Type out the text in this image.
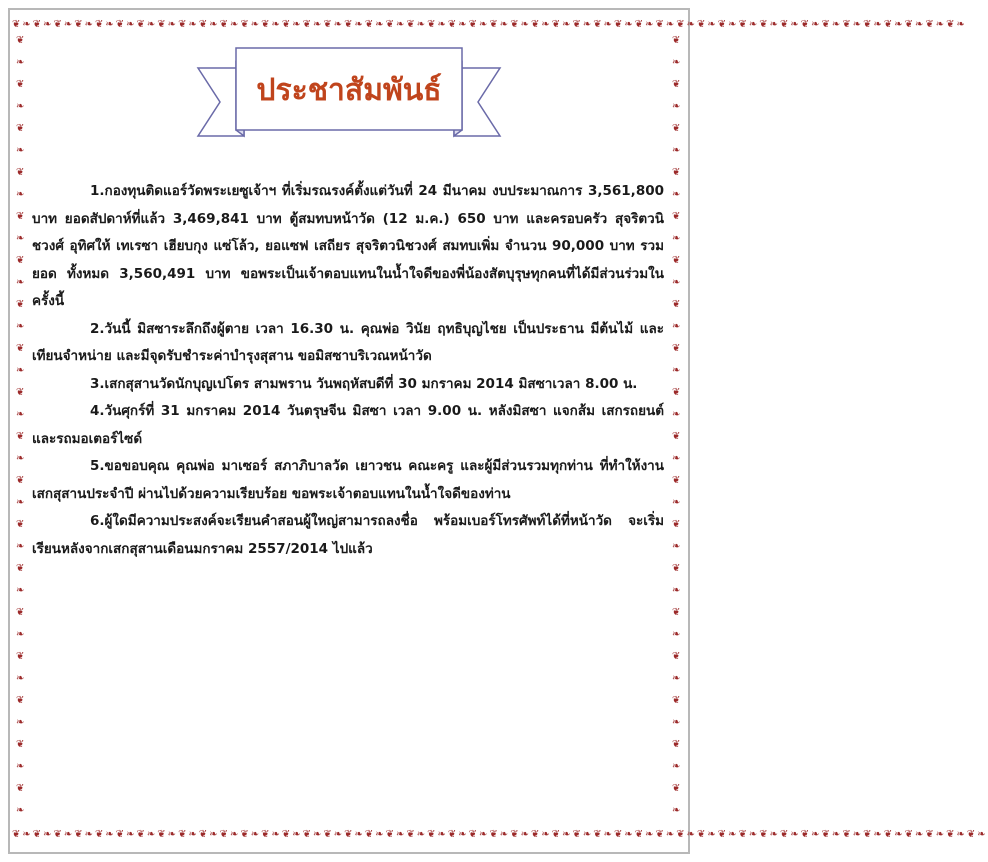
❦❧❦❧❦❧❦❧❦❧❦❧❦❧❦❧❦❧❦❧❦❧❦❧❦❧❦❧❦❧❦❧❦❧❦❧❦❧❦❧❦❧❦❧❦❧❦❧❦❧❦❧❦❧❦❧❦❧❦❧❦❧❦❧❦❧❦❧❦❧❦❧❦❧❦❧❦❧❦❧❦❧❦❧❦❧❦❧❦❧❦❧
❦❧❦❧❦❧❦❧❦❧❦❧❦❧❦❧❦❧❦❧❦❧❦❧❦❧❦❧❦❧❦❧❦❧❦❧❦❧❦❧❦❧❦❧❦❧❦❧❦❧❦❧❦❧❦❧❦❧❦❧❦❧❦❧❦❧❦❧❦❧❦❧❦❧❦❧❦❧❦❧❦❧❦❧❦❧❦❧❦❧❦❧❦❧
❦❧❦❧❦❧❦❧❦❧❦❧❦❧❦❧❦❧❦❧❦❧❦❧❦❧❦❧❦❧❦❧❦❧❦❧
❦❧❦❧❦❧❦❧❦❧❦❧❦❧❦❧❦❧❦❧❦❧❦❧❦❧❦❧❦❧❦❧❦❧❦❧
ประชาสัมพันธ์

1.กองทุนติดแอร์วัดพระเยซูเจ้าฯ ที่เริ่มรณรงค์ตั้งแต่วันที่ 24 มีนาคม งบประมาณการ 3,561,800 บาท ยอดสัปดาห์ที่แล้ว 3,469,841 บาท ตู้สมทบหน้าวัด (12 ม.ค.) 650 บาท และครอบครัว สุจริตวนิชวงศ์ อุทิศให้ เทเรซา เฮียบกุง แซ่โล้ว, ยอแซฟ เสถียร สุจริตวนิชวงศ์ สมทบเพิ่ม จำนวน 90,000 บาท รวมยอด ทั้งหมด 3,560,491 บาท ขอพระเป็นเจ้าตอบแทนในน้ำใจดีของพี่น้องสัตบุรุษทุกคนที่ได้มีส่วนร่วมในครั้งนี้

2.วันนี้ มิสซาระลึกถึงผู้ตาย เวลา 16.30 น. คุณพ่อ วินัย ฤทธิบุญไชย เป็นประธาน มีต้นไม้ และเทียนจำหน่าย และมีจุดรับชำระค่าบำรุงสุสาน ขอมิสซาบริเวณหน้าวัด

3.เสกสุสานวัดนักบุญเปโตร สามพราน วันพฤหัสบดีที่ 30 มกราคม 2014 มิสซาเวลา 8.00 น.

4.วันศุกร์ที่ 31 มกราคม 2014 วันตรุษจีน มิสซา เวลา 9.00 น. หลังมิสซา แจกส้ม เสกรถยนต์ และรถมอเตอร์ไซด์

5.ขอขอบคุณ คุณพ่อ มาเซอร์ สภาภิบาลวัด เยาวชน คณะครู และผู้มีส่วนรวมทุกท่าน ที่ทำให้งานเสกสุสานประจำปี ผ่านไปด้วยความเรียบร้อย ขอพระเจ้าตอบแทนในน้ำใจดีของท่าน

6.ผู้ใดมีความประสงค์จะเรียนคำสอนผู้ใหญ่สามารถลงชื่อ พร้อมเบอร์โทรศัพท์ได้ที่หน้าวัด จะเริ่มเรียนหลังจากเสกสุสานเดือนมกราคม 2557/2014 ไปแล้ว
